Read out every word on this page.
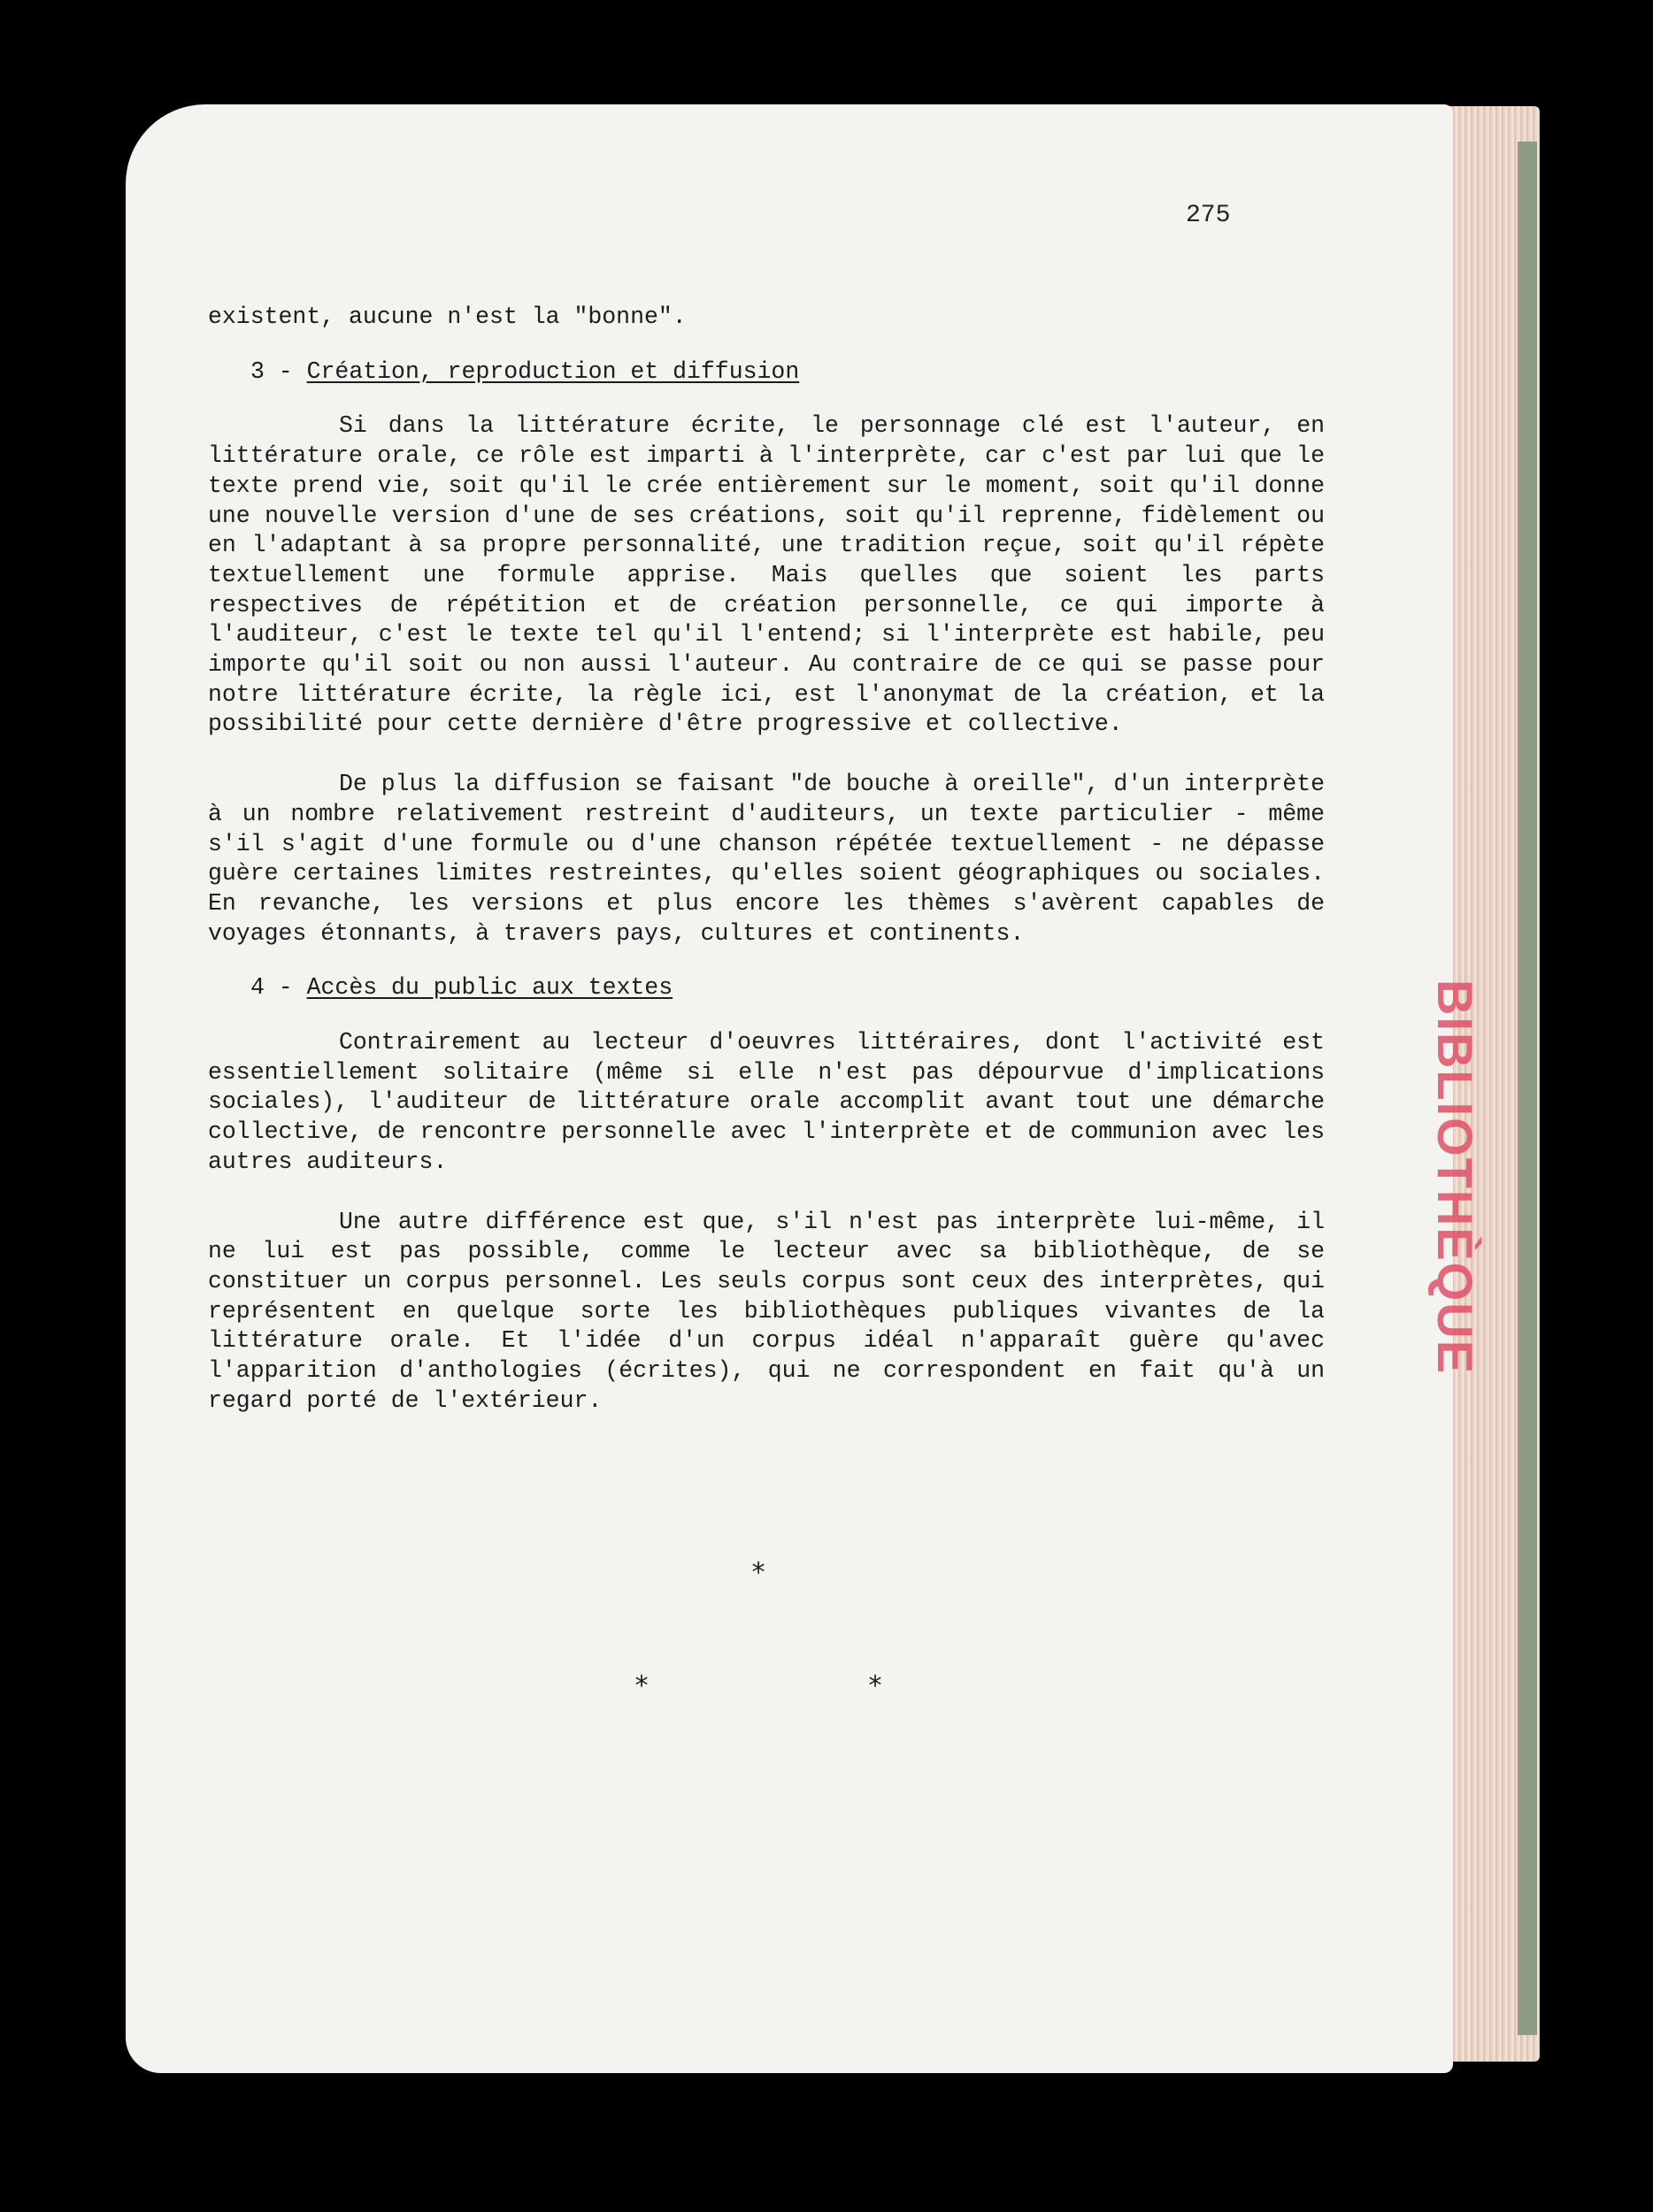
BIBLIOTHÈQUE
275

existent, aucune n'est la "bonne".

3 - Création, reproduction et diffusion

Si dans la littérature écrite, le personnage clé est l'auteur, en littérature orale, ce rôle est imparti à l'interprète, car c'est par lui que le texte prend vie, soit qu'il le crée entièrement sur le moment, soit qu'il donne une nouvelle version d'une de ses créations, soit qu'il reprenne, fidèlement ou en l'adaptant à sa propre personnalité, une tradition reçue, soit qu'il répète textuellement une formule apprise. Mais quelles que soient les parts respectives de répétition et de création personnelle, ce qui importe à l'auditeur, c'est le texte tel qu'il l'entend; si l'interprète est habile, peu importe qu'il soit ou non aussi l'auteur. Au contraire de ce qui se passe pour notre littérature écrite, la règle ici, est l'anonymat de la création, et la possibilité pour cette dernière d'être progressive et collective.

De plus la diffusion se faisant "de bouche à oreille", d'un interprète à un nombre relativement restreint d'auditeurs, un texte particulier - même s'il s'agit d'une formule ou d'une chanson répétée textuellement - ne dépasse guère certaines limites restreintes, qu'elles soient géographiques ou sociales. En revanche, les versions et plus encore les thèmes s'avèrent capables de voyages étonnants, à travers pays, cultures et continents.

4 - Accès du public aux textes

Contrairement au lecteur d'oeuvres littéraires, dont l'activité est essentiellement solitaire (même si elle n'est pas dépourvue d'implications sociales), l'auditeur de littérature orale accomplit avant tout une démarche collective, de rencontre personnelle avec l'interprète et de communion avec les autres auditeurs.

Une autre différence est que, s'il n'est pas interprète lui-même, il ne lui est pas possible, comme le lecteur avec sa bibliothèque, de se constituer un corpus personnel. Les seuls corpus sont ceux des interprètes, qui représentent en quelque sorte les bibliothèques publiques vivantes de la littérature orale. Et l'idée d'un corpus idéal n'apparaît guère qu'avec l'apparition d'anthologies (écrites), qui ne correspondent en fait qu'à un regard porté de l'extérieur.

*
*	*
